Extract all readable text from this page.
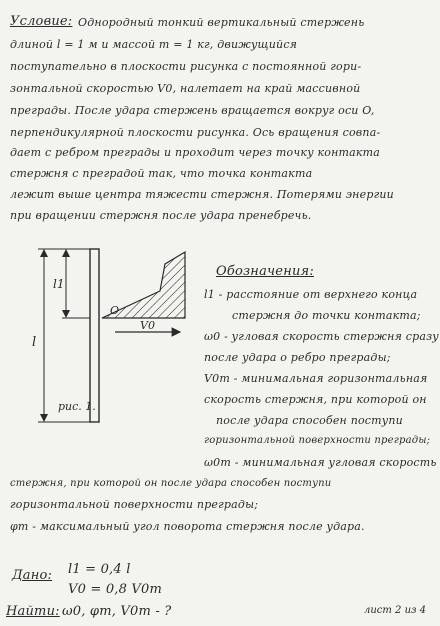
Условие: Однородный тонкий вертикальный стержень
длиной l = 1 м и массой m = 1 кг, движущийся
поступательно в плоскости рисунка с постоянной гори-
зонтальной скоростью V0, налетает на край массивной
преграды. После удара стержень вращается вокруг оси O,
перпендикулярной плоскости рисунка. Ось вращения совпа-
дает с ребром преграды и проходит через точку контакта
стержня с преградой так, что точка контакта
лежит выше центра тяжести стержня. Потерями энергии
при вращении стержня после удара пренебречь.
l1
l
O
V0
рис. 1.
Обозначения:
l1 - расстояние от верхнего конца
стержня до точки контакта;
ω0 - угловая скорость стержня сразу
после удара о ребро преграды;
V0m - минимальная горизонтальная
скорость стержня, при которой он
после удара способен поступи
горизонтальной поверхности преграды;
ω0m - минимальная угловая скорость
стержня, при которой он после удара способен поступи
горизонтальной поверхности преграды;
φm - максимальный угол поворота стержня после удара.
Дано: l1 = 0,4 l
V0 = 0,8 V0m
Найти: ω0, φm, V0m - ?	лист 2 из 4
